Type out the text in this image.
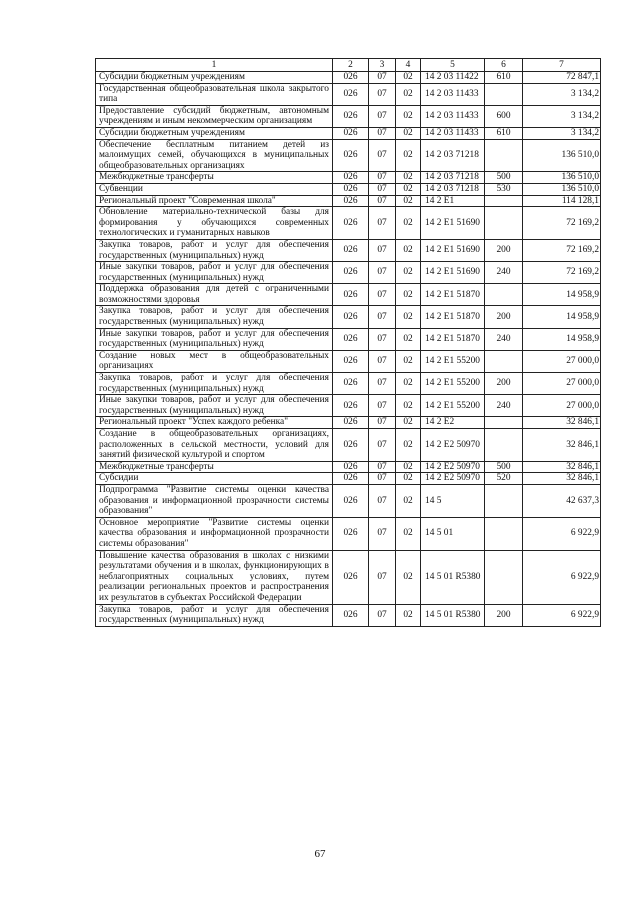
1	2	3	4	5	6	7
Субсидии бюджетным учреждениям	026	07	02	14 2 03 11422	610	72 847,1
Государственная общеобразовательная школа закрытого типа	026	07	02	14 2 03 11433		3 134,2
Предоставление субсидий бюджетным, автономным учреждениям и иным некоммерческим организациям	026	07	02	14 2 03 11433	600	3 134,2
Субсидии бюджетным учреждениям	026	07	02	14 2 03 11433	610	3 134,2
Обеспечение бесплатным питанием детей из малоимущих семей, обучающихся в муниципальных общеобразовательных организациях	026	07	02	14 2 03 71218		136 510,0
Межбюджетные трансферты	026	07	02	14 2 03 71218	500	136 510,0
Субвенции	026	07	02	14 2 03 71218	530	136 510,0
Региональный проект "Современная школа"	026	07	02	14 2 E1		114 128,1
Обновление материально-технической базы для формирования у обучающихся современных технологических и гуманитарных навыков	026	07	02	14 2 E1 51690		72 169,2
Закупка товаров, работ и услуг для обеспечения государственных (муниципальных) нужд	026	07	02	14 2 E1 51690	200	72 169,2
Иные закупки товаров, работ и услуг для обеспечения государственных (муниципальных) нужд	026	07	02	14 2 E1 51690	240	72 169,2
Поддержка образования для детей с ограниченными возможностями здоровья	026	07	02	14 2 E1 51870		14 958,9
Закупка товаров, работ и услуг для обеспечения государственных (муниципальных) нужд	026	07	02	14 2 E1 51870	200	14 958,9
Иные закупки товаров, работ и услуг для обеспечения государственных (муниципальных) нужд	026	07	02	14 2 E1 51870	240	14 958,9
Создание новых мест в общеобразовательных организациях	026	07	02	14 2 E1 55200		27 000,0
Закупка товаров, работ и услуг для обеспечения государственных (муниципальных) нужд	026	07	02	14 2 E1 55200	200	27 000,0
Иные закупки товаров, работ и услуг для обеспечения государственных (муниципальных) нужд	026	07	02	14 2 E1 55200	240	27 000,0
Региональный проект "Успех каждого ребенка"	026	07	02	14 2 E2		32 846,1
Создание в общеобразовательных организациях, расположенных в сельской местности, условий для занятий физической культурой и спортом	026	07	02	14 2 E2 50970		32 846,1
Межбюджетные трансферты	026	07	02	14 2 E2 50970	500	32 846,1
Субсидии	026	07	02	14 2 E2 50970	520	32 846,1
Подпрограмма "Развитие системы оценки качества образования и информационной прозрачности системы образования"	026	07	02	14 5		42 637,3
Основное мероприятие "Развитие системы оценки качества образования и информационной прозрачности системы образования"	026	07	02	14 5 01		6 922,9
Повышение качества образования в школах с низкими результатами обучения и в школах, функционирующих в неблагоприятных социальных условиях, путем реализации региональных проектов и распространения их результатов в субъектах Российской Федерации	026	07	02	14 5 01 R5380		6 922,9
Закупка товаров, работ и услуг для обеспечения государственных (муниципальных) нужд	026	07	02	14 5 01 R5380	200	6 922,9
67
